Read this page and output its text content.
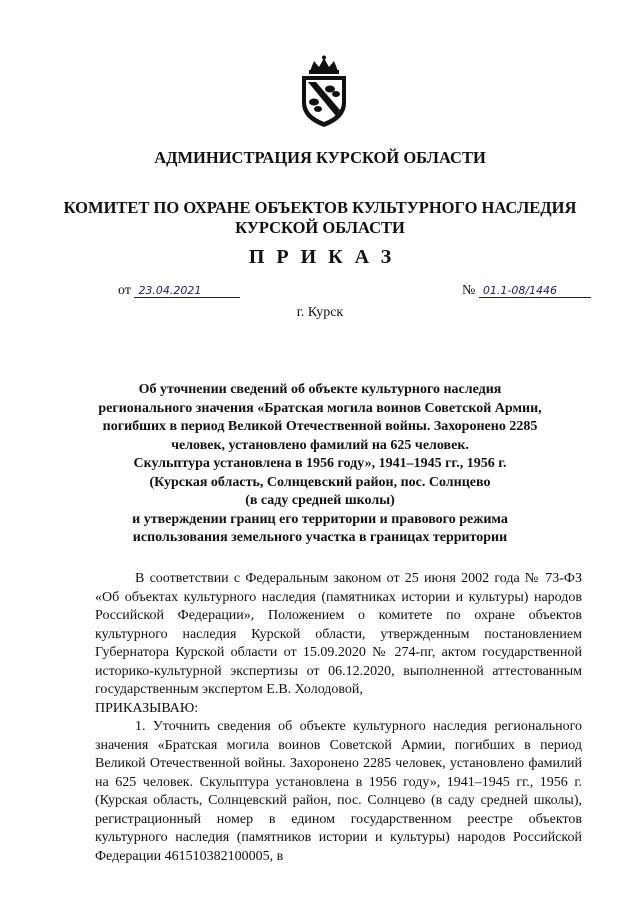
АДМИНИСТРАЦИЯ КУРСКОЙ ОБЛАСТИ
КОМИТЕТ ПО ОХРАНЕ ОБЪЕКТОВ КУЛЬТУРНОГО НАСЛЕДИЯ
КУРСКОЙ ОБЛАСТИ
ПРИКАЗ
от 23.04.2021	№ 01.1-08/1446
г. Курск
Об уточнении сведений об объекте культурного наследия
регионального значения «Братская могила воинов Советской Армии,
погибших в период Великой Отечественной войны. Захоронено 2285
человек, установлено фамилий на 625 человек.
Скульптура установлена в 1956 году», 1941–1945 гг., 1956 г.
(Курская область, Солнцевский район, пос. Солнцево
(в саду средней школы)
и утверждении границ его территории и правового режима
использования земельного участка в границах территории

В соответствии с Федеральным законом от 25 июня 2002 года № 73-ФЗ «Об объектах культурного наследия (памятниках истории и культуры) народов Российской Федерации», Положением о комитете по охране объектов культурного наследия Курской области, утвержденным постановлением Губернатора Курской области от 15.09.2020 № 274-пг, актом государственной историко-культурной экспертизы от 06.12.2020, выполненной аттестованным государственным экспертом Е.В. Холодовой,

ПРИКАЗЫВАЮ:

1. Уточнить сведения об объекте культурного наследия регионального значения «Братская могила воинов Советской Армии, погибших в период Великой Отечественной войны. Захоронено 2285 человек, установлено фамилий на 625 человек. Скульптура установлена в 1956 году», 1941–1945 гг., 1956 г. (Курская область, Солнцевский район, пос. Солнцево (в саду средней школы), регистрационный номер в едином государственном реестре объектов культурного наследия (памятников истории и культуры) народов Российской Федерации 461510382100005, в
